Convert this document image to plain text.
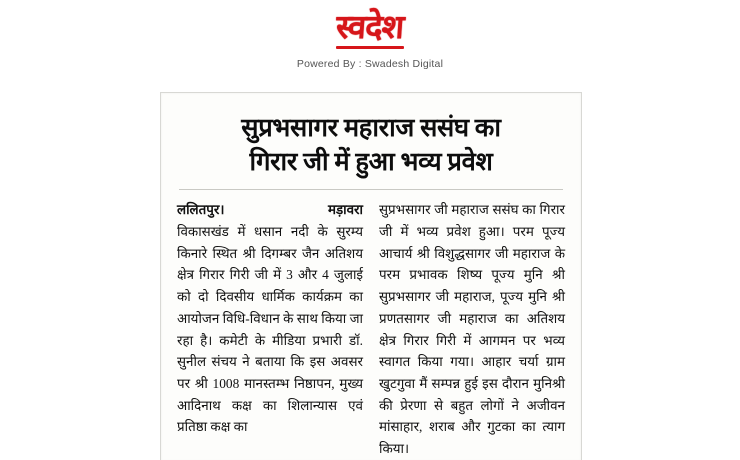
स्वदेश
Powered By : Swadesh Digital
सुप्रभसागर महाराज ससंघ का
गिरार जी में हुआ भव्य प्रवेश
ललितपुर।	मड़ावरा

विकासखंड में धसान नदी के सुरम्य किनारे स्थित श्री दिगम्बर जैन अतिशय क्षेत्र गिरार गिरी जी में 3 और 4 जुलाई को दो दिवसीय धार्मिक कार्यक्रम का आयोजन विधि-विधान के साथ किया जा रहा है। कमेटी के मीडिया प्रभारी डॉ. सुनील संचय ने बताया कि इस अवसर पर श्री 1008 मानस्तम्भ निष्ठापन, मुख्य आदिनाथ कक्ष का शिलान्यास एवं प्रतिष्ठा कक्ष का

सुप्रभसागर जी महाराज ससंघ का गिरार जी में भव्य प्रवेश हुआ। परम पूज्य आचार्य श्री विशुद्धसागर जी महाराज के परम प्रभावक शिष्य पूज्य मुनि श्री सुप्रभसागर जी महाराज, पूज्य मुनि श्री प्रणतसागर जी महाराज का अतिशय क्षेत्र गिरार गिरी में आगमन पर भव्य स्वागत किया गया। आहार चर्या ग्राम खुटगुवा मैं सम्पन्न हुई इस दौरान मुनिश्री की प्रेरणा से बहुत लोगों ने अजीवन मांसाहार, शराब और गुटका का त्याग किया।
